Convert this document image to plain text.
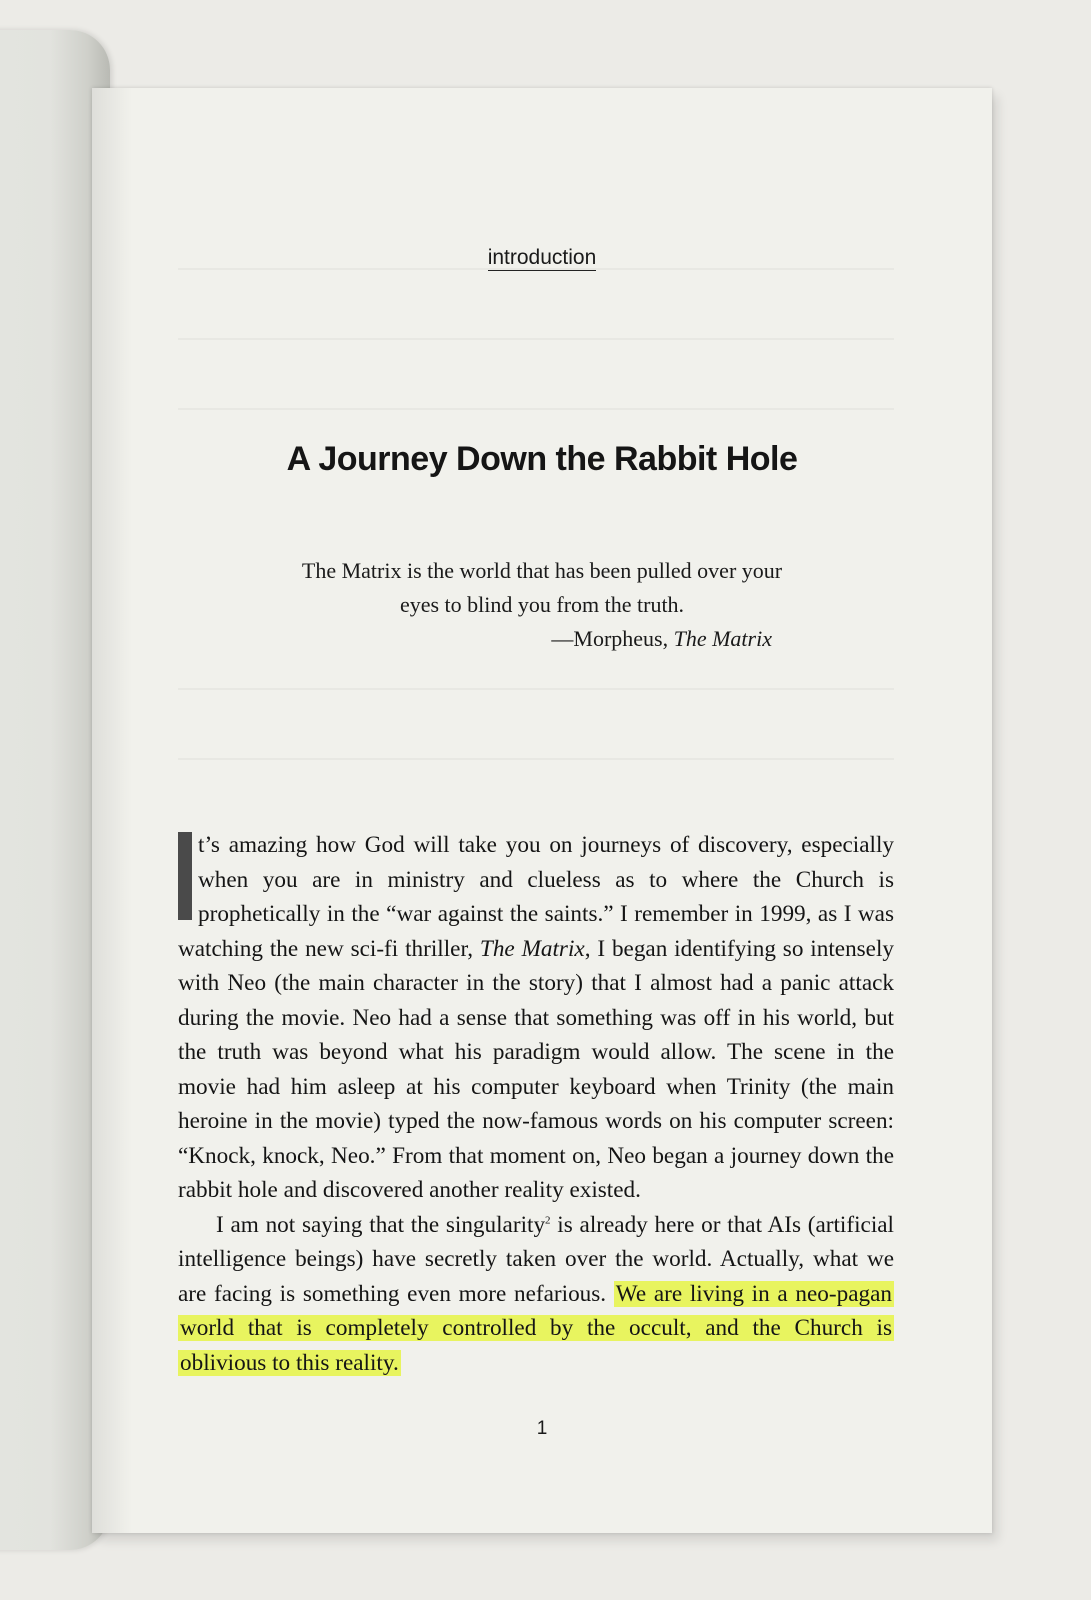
introduction
A Journey Down the Rabbit Hole
The Matrix is the world that has been pulled over your
eyes to blind you from the truth.
—Morpheus, The Matrix

t’s amazing how God will take you on journeys of discovery, especially when you are in ministry and clueless as to where the Church is prophetically in the “war against the saints.” I remember in 1999, as I was watching the new sci-fi thriller, The Matrix, I began identifying so intensely with Neo (the main character in the story) that I almost had a panic attack during the movie. Neo had a sense that something was off in his world, but the truth was beyond what his paradigm would allow. The scene in the movie had him asleep at his computer keyboard when Trinity (the main heroine in the movie) typed the now-famous words on his computer screen: “Knock, knock, Neo.” From that moment on, Neo began a journey down the rabbit hole and discovered another reality existed.

I am not saying that the singularity$^2$ is already here or that AIs (artificial intelligence beings) have secretly taken over the world. Actually, what we are facing is something even more nefarious. We are living in a neo-pagan world that is completely controlled by the occult, and the Church is oblivious to this reality.

1
